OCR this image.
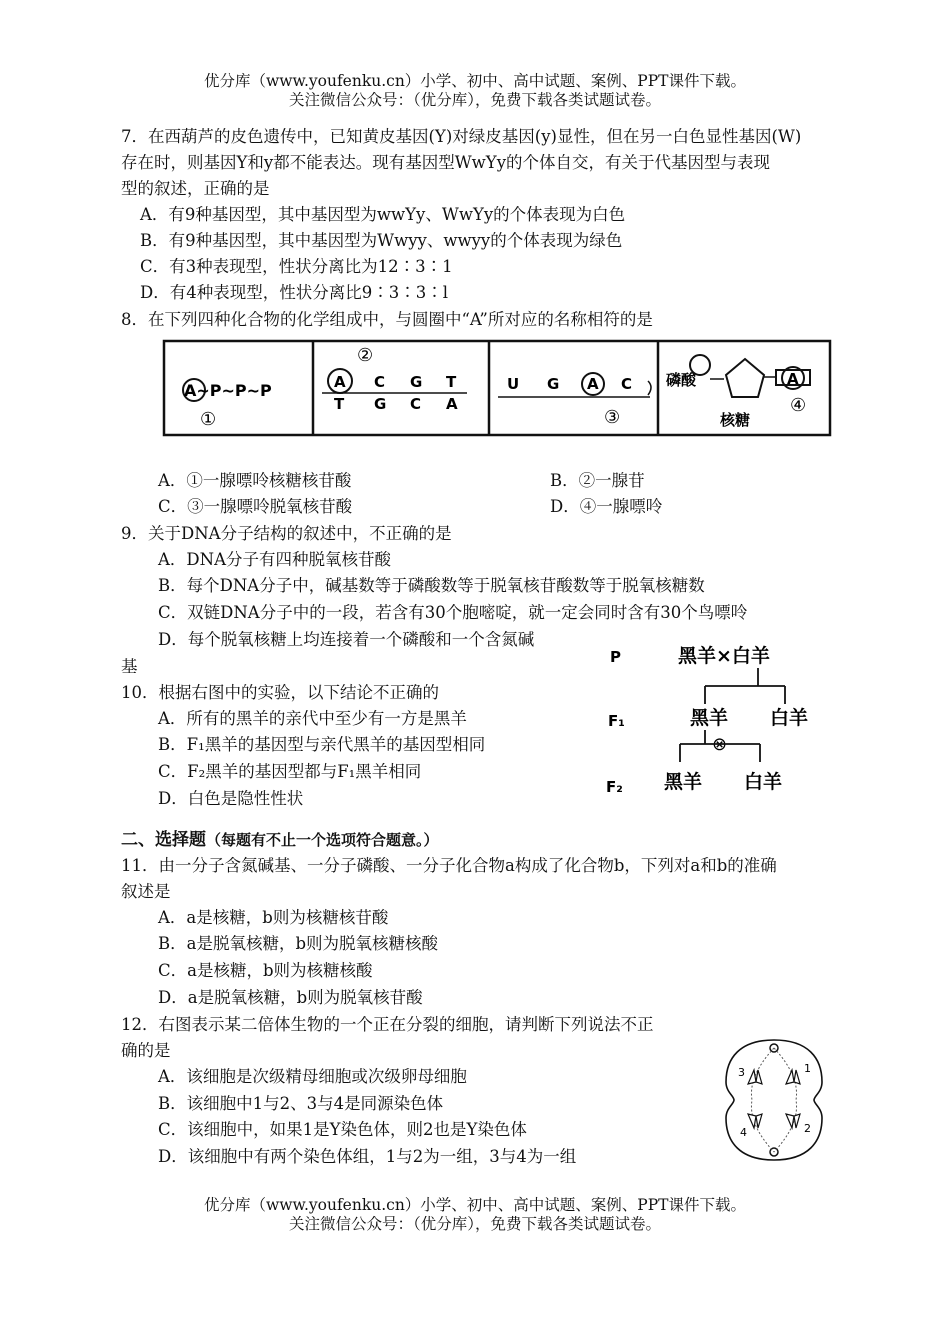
优分库（www.youfenku.cn）小学、初中、高中试题、案例、PPT课件下载。
关注微信公众号：（优分库），免费下载各类试题试卷。
7．在西葫芦的皮色遗传中，已知黄皮基因(Y)对绿皮基因(y)显性，但在另一白色显性基因(W)
存在时，则基因Y和y都不能表达。现有基因型WwYy的个体自交，有关于代基因型与表现
型的叙述，正确的是
A．有9种基因型，其中基因型为wwYy、WwYy的个体表现为白色
B．有9种基因型，其中基因型为Wwyy、wwyy的个体表现为绿色
C．有3种表现型，性状分离比为12∶3∶1
D．有4种表现型，性状分离比9∶3∶3∶l
8．在下列四种化合物的化学组成中，与圆圈中“A”所对应的名称相符的是
A~P~P~P
①
②
A C G T
T G C A
U G A C
③
磷酸	A
核糖
④
A．①一腺嘌呤核糖核苷酸	B．②一腺苷
C．③一腺嘌呤脱氧核苷酸	D．④一腺嘌呤
9．关于DNA分子结构的叙述中，不正确的是
A．DNA分子有四种脱氧核苷酸
B．每个DNA分子中，碱基数等于磷酸数等于脱氧核苷酸数等于脱氧核糖数
C．双链DNA分子中的一段，若含有30个胞嘧啶，就一定会同时含有30个鸟嘌呤
D．每个脱氧核糖上均连接着一个磷酸和一个含氮碱
基
10．根据右图中的实验，以下结论不正确的
A．所有的黑羊的亲代中至少有一方是黑羊
B．F₁黑羊的基因型与亲代黑羊的基因型相同
C．F₂黑羊的基因型都与F₁黑羊相同
D．白色是隐性性状
P	黑羊×白羊
F₁	黑羊 白羊
⊗
F₂ 黑羊 白羊
二、选择题（每题有不止一个选项符合题意。）
11．由一分子含氮碱基、一分子磷酸、一分子化合物a构成了化合物b，下列对a和b的准确
叙述是
A．a是核糖，b则为核糖核苷酸
B．a是脱氧核糖，b则为脱氧核糖核酸
C．a是核糖，b则为核糖核酸
D．a是脱氧核糖，b则为脱氧核苷酸
12．右图表示某二倍体生物的一个正在分裂的细胞，请判断下列说法不正
确的是
A．该细胞是次级精母细胞或次级卵母细胞
B．该细胞中1与2、3与4是同源染色体
C．该细胞中，如果1是Y染色体，则2也是Y染色体
D．该细胞中有两个染色体组，1与2为一组，3与4为一组
3	1
4	2
优分库（www.youfenku.cn）小学、初中、高中试题、案例、PPT课件下载。
关注微信公众号：（优分库），免费下载各类试题试卷。
